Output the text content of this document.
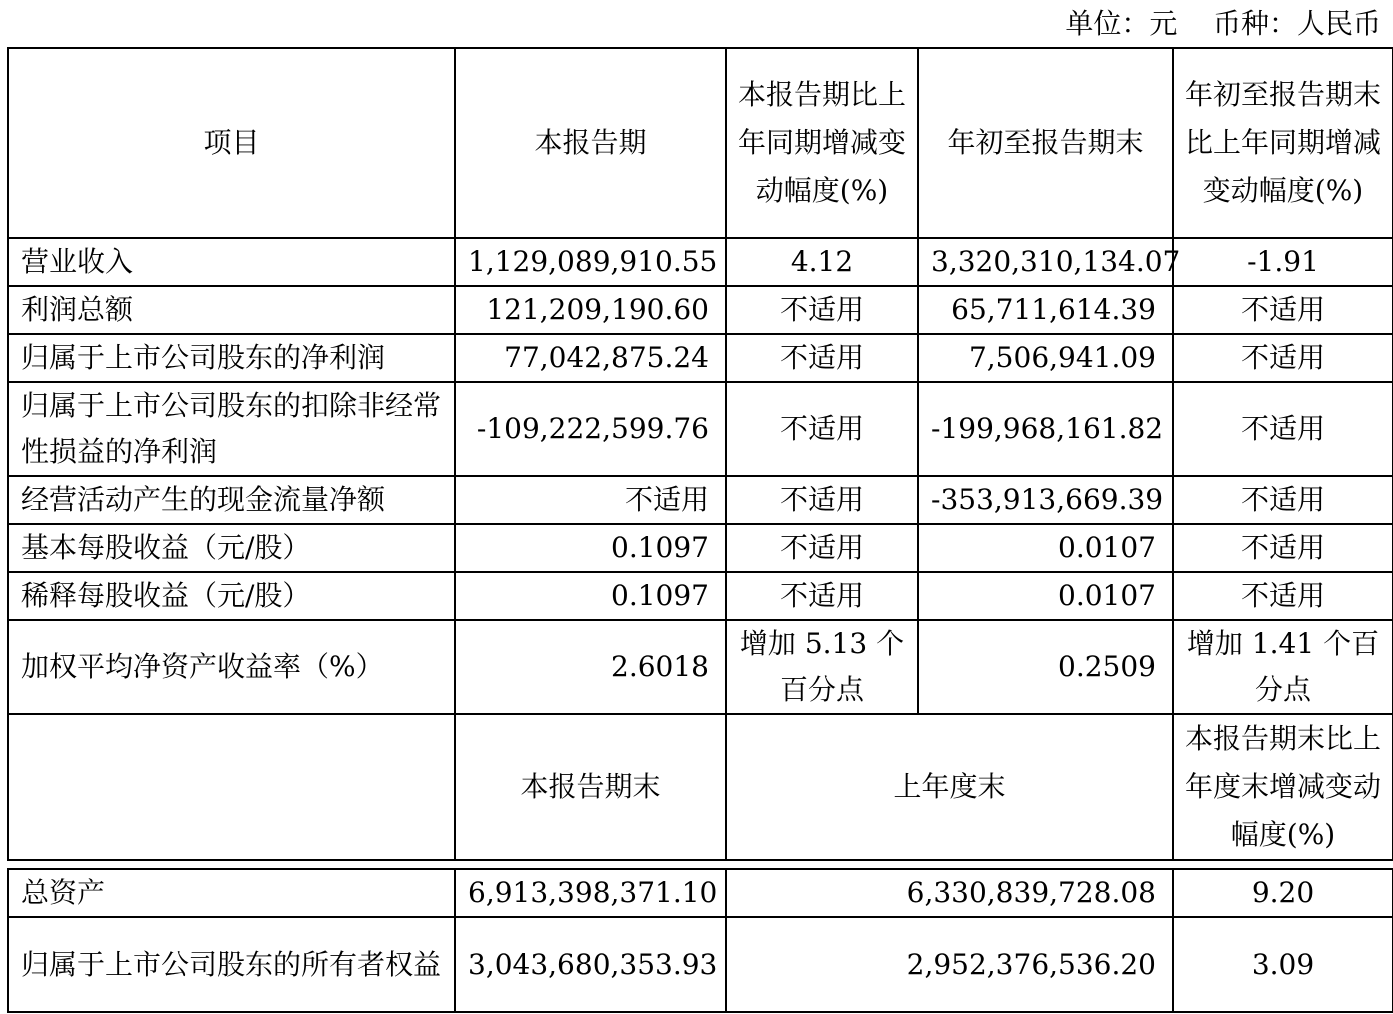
单位：元    币种：人民币
项目	本报告期	本报告期比上年同期增减变动幅度(%)	年初至报告期末	年初至报告期末比上年同期增减变动幅度(%)
营业收入	1,129,089,910.55	4.12	3,320,310,134.07	-1.91
利润总额	121,209,190.60	不适用	65,711,614.39	不适用
归属于上市公司股东的净利润	77,042,875.24	不适用	7,506,941.09	不适用
归属于上市公司股东的扣除非经常性损益的净利润	-109,222,599.76	不适用	-199,968,161.82	不适用
经营活动产生的现金流量净额	不适用	不适用	-353,913,669.39	不适用
基本每股收益（元/股）	0.1097	不适用	0.0107	不适用
稀释每股收益（元/股）	0.1097	不适用	0.0107	不适用
加权平均净资产收益率（%）	2.6018	增加 5.13 个百分点	0.2509	增加 1.41 个百分点
	本报告期末	上年度末		本报告期末比上年度末增减变动幅度(%)
总资产	6,913,398,371.10	6,330,839,728.08	9.20
归属于上市公司股东的所有者权益	3,043,680,353.93	2,952,376,536.20	3.09
